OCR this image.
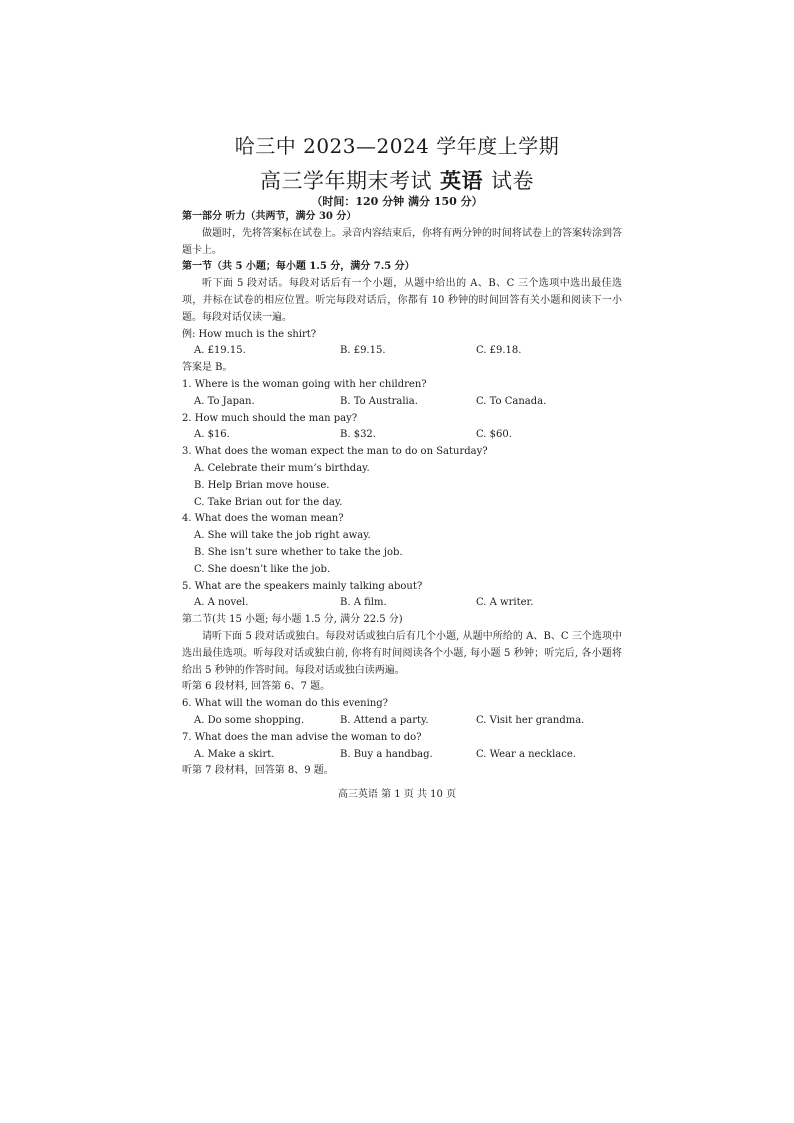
哈三中 2023—2024 学年度上学期
高三学年期末考试 英语 试卷
（时间：120 分钟 满分 150 分）
第一部分 听力（共两节，满分 30 分）
做题时，先将答案标在试卷上。录音内容结束后，你将有两分钟的时间将试卷上的答案转涂到答题卡上。
第一节（共 5 小题；每小题 1.5 分，满分 7.5 分）
听下面 5 段对话。每段对话后有一个小题，从题中给出的 A、B、C 三个选项中选出最佳选项，并标在试卷的相应位置。听完每段对话后，你都有 10 秒钟的时间回答有关小题和阅读下一小题。每段对话仅读一遍。
例: How much is the shirt?
A. £19.15.	B. £9.15.	C. £9.18.
答案是 B。
1. Where is the woman going with her children?
A. To Japan.	B. To Australia.	C. To Canada.
2. How much should the man pay?
A. $16.	B. $32.	C. $60.
3. What does the woman expect the man to do on Saturday?
A. Celebrate their mum’s birthday.
B. Help Brian move house.
C. Take Brian out for the day.
4. What does the woman mean?
A. She will take the job right away.
B. She isn’t sure whether to take the job.
C. She doesn’t like the job.
5. What are the speakers mainly talking about?
A. A novel.	B. A film.	C. A writer.
第二节(共 15 小题; 每小题 1.5 分, 满分 22.5 分)
请听下面 5 段对话或独白。每段对话或独白后有几个小题, 从题中所给的 A、B、C 三个选项中选出最佳选项。听每段对话或独白前, 你将有时间阅读各个小题, 每小题 5 秒钟；听完后, 各小题将给出 5 秒钟的作答时间。每段对话或独白读两遍。
听第 6 段材料, 回答第 6、7 题。
6. What will the woman do this evening?
A. Do some shopping.	B. Attend a party.	C. Visit her grandma.
7. What does the man advise the woman to do?
A. Make a skirt.	B. Buy a handbag.	C. Wear a necklace.
听第 7 段材料，回答第 8、9 题。
高三英语 第 1 页 共 10 页
